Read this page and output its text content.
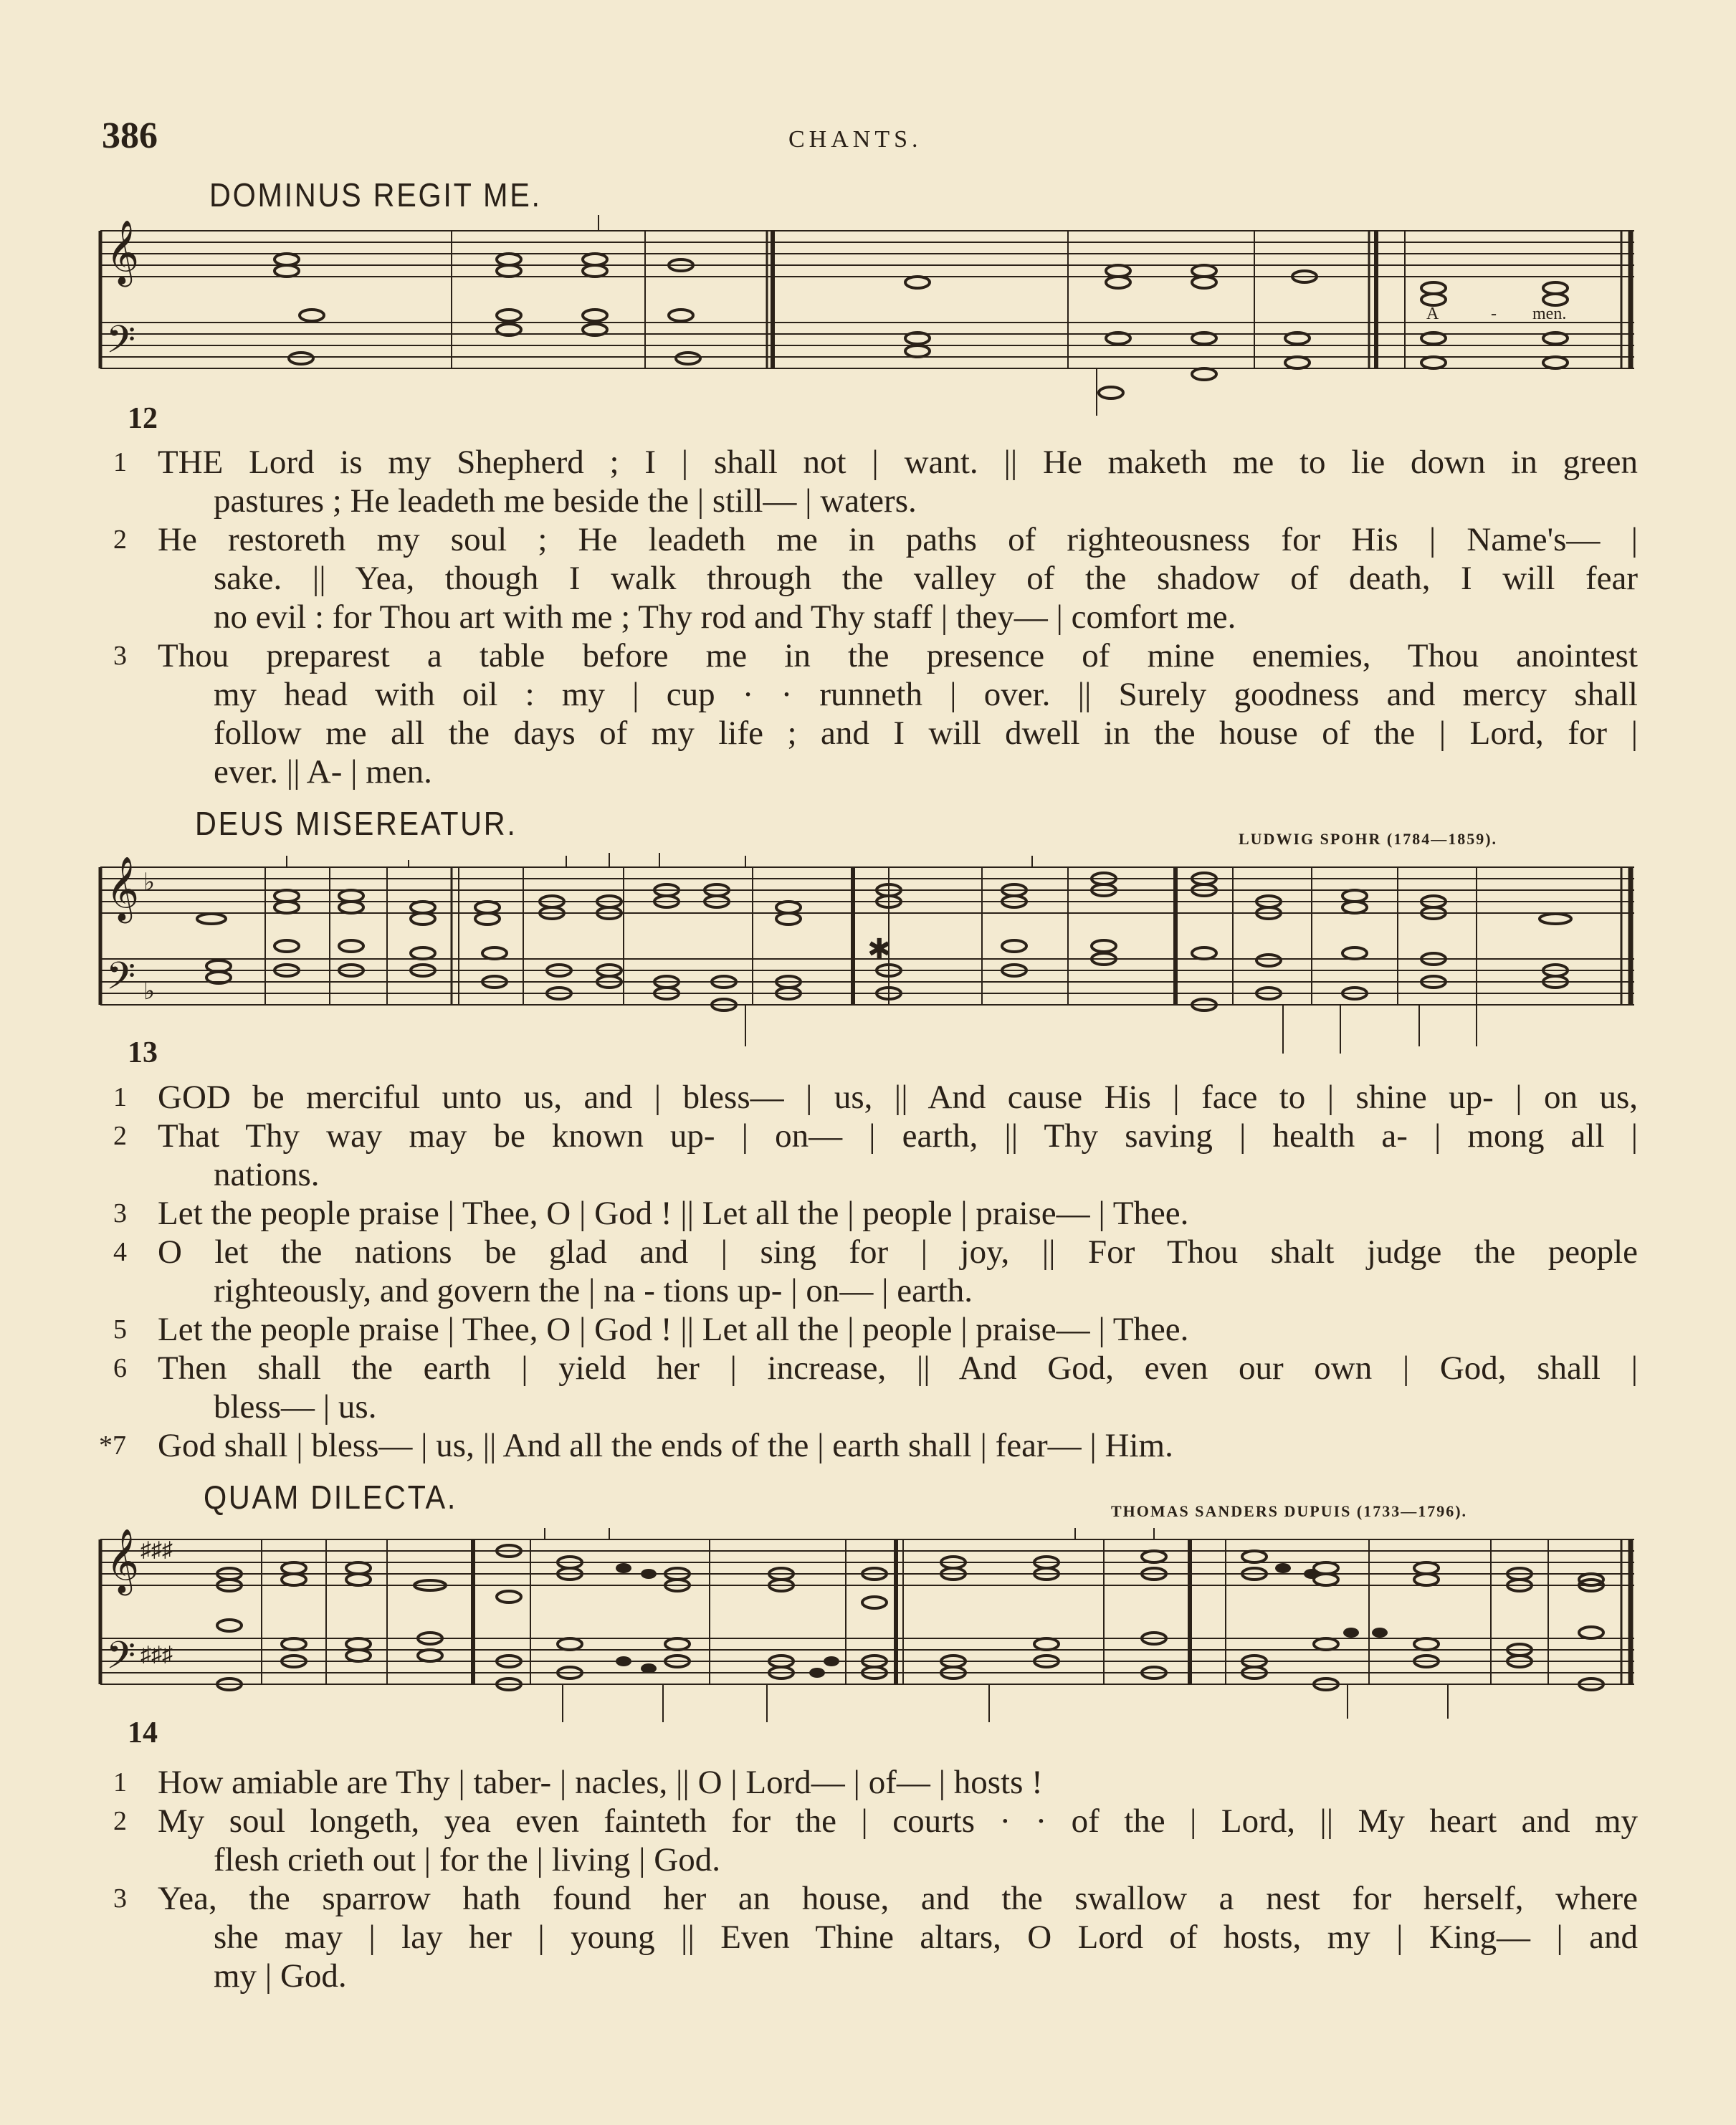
386	CHANTS.
DOMINUS REGIT ME.
𝄞
𝄢
A	- men.
12
1 THE Lord is my Shepherd ; I | shall not | want. || He maketh me to lie down in green
pastures ; He leadeth me beside the | still— | waters.
2 He restoreth my soul ; He leadeth me in paths of righteousness for His | Name's— |
sake. || Yea, though I walk through the valley of the shadow of death, I will fear
no evil : for Thou art with me ; Thy rod and Thy staff | they— | comfort me.
3 Thou preparest a table before me in the presence of mine enemies, Thou anointest
my head with oil : my | cup · · runneth | over. || Surely goodness and mercy shall
follow me all the days of my life ; and I will dwell in the house of the | Lord, for |
ever. || A- | men.
DEUS MISEREATUR.	LUDWIG SPOHR (1784—1859).
𝄞
𝄢
♭
♭
✱
13
1 GOD be merciful unto us, and | bless— | us, || And cause His | face to | shine up- | on us,
2 That Thy way may be known up- | on— | earth, || Thy saving | health a- | mong all |
nations.
3 Let the people praise | Thee, O | God ! || Let all the | people | praise— | Thee.
4 O let the nations be glad and | sing for | joy, || For Thou shalt judge the people
righteously, and govern the | na - tions up- | on— | earth.
5 Let the people praise | Thee, O | God ! || Let all the | people | praise— | Thee.
6 Then shall the earth | yield her | increase, || And God, even our own | God, shall |
bless— | us.
*7 God shall | bless— | us, || And all the ends of the | earth shall | fear— | Him.
QUAM DILECTA.	THOMAS SANDERS DUPUIS (1733—1796).
𝄞
𝄢
♯♯♯
♯♯♯
14
1 How amiable are Thy | taber- | nacles, || O | Lord— | of— | hosts !
2 My soul longeth, yea even fainteth for the | courts · · of the | Lord, || My heart and my
flesh crieth out | for the | living | God.
3 Yea, the sparrow hath found her an house, and the swallow a nest for herself, where
she may | lay her | young || Even Thine altars, O Lord of hosts, my | King— | and
my | God.
